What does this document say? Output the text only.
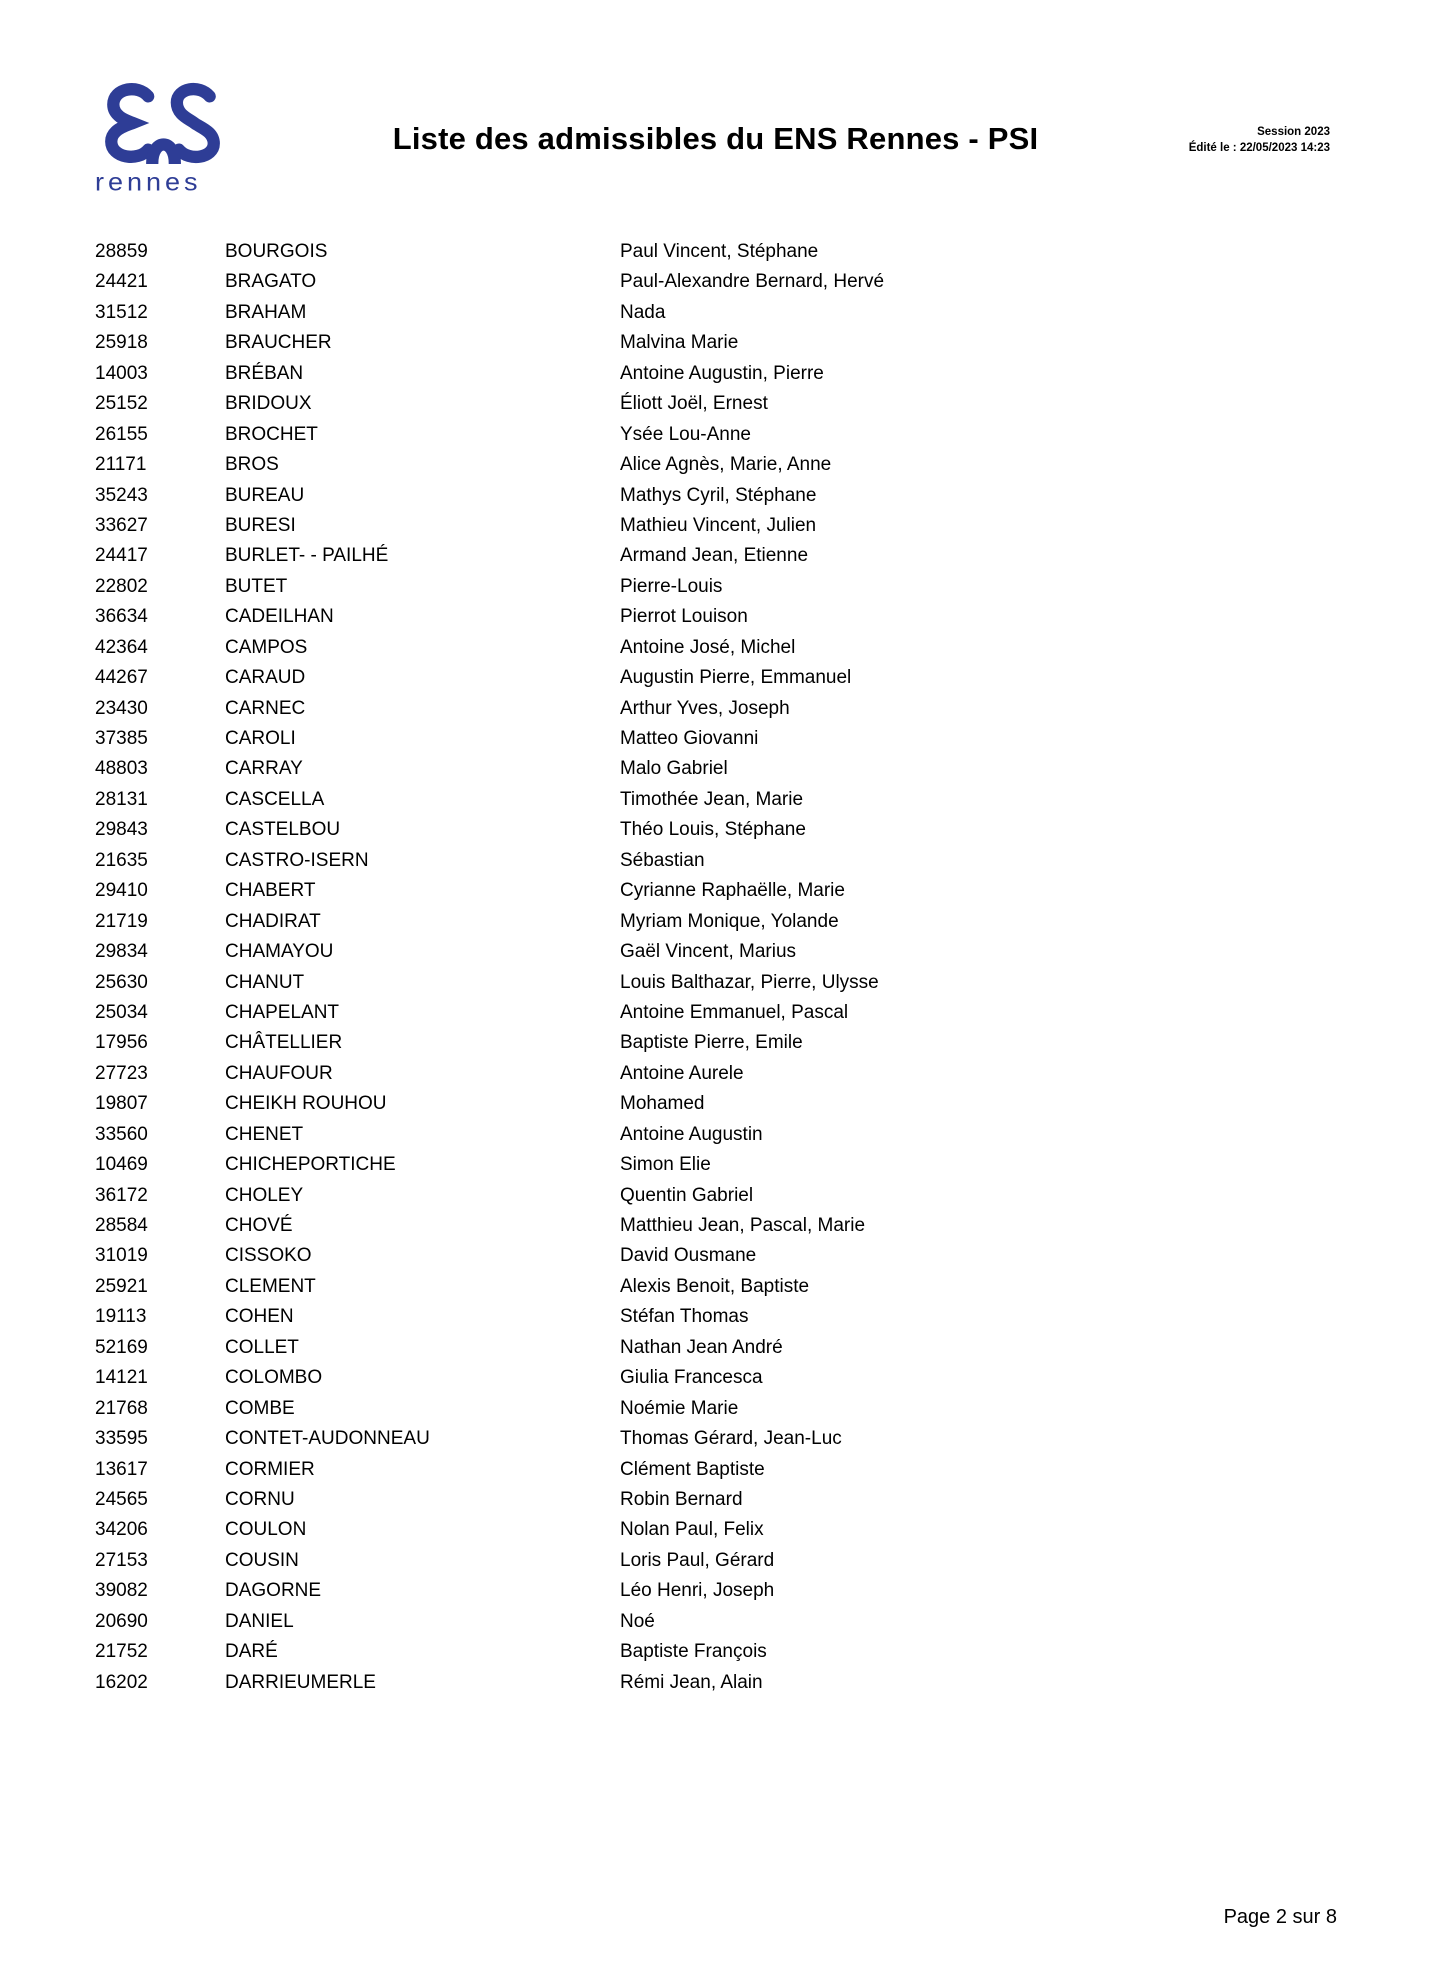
rennes
Liste des admissibles du ENS Rennes - PSI	Session 2023
Édité le : 22/05/2023 14:23
28859	BOURGOIS	Paul Vincent, Stéphane
24421	BRAGATO	Paul-Alexandre Bernard, Hervé
31512	BRAHAM	Nada
25918	BRAUCHER	Malvina Marie
14003	BRÉBAN	Antoine Augustin, Pierre
25152	BRIDOUX	Éliott Joël, Ernest
26155	BROCHET	Ysée Lou-Anne
21171	BROS	Alice Agnès, Marie, Anne
35243	BUREAU	Mathys Cyril, Stéphane
33627	BURESI	Mathieu Vincent, Julien
24417	BURLET- - PAILHÉ	Armand Jean, Etienne
22802	BUTET	Pierre-Louis
36634	CADEILHAN	Pierrot Louison
42364	CAMPOS	Antoine José, Michel
44267	CARAUD	Augustin Pierre, Emmanuel
23430	CARNEC	Arthur Yves, Joseph
37385	CAROLI	Matteo Giovanni
48803	CARRAY	Malo Gabriel
28131	CASCELLA	Timothée Jean, Marie
29843	CASTELBOU	Théo Louis, Stéphane
21635	CASTRO-ISERN	Sébastian
29410	CHABERT	Cyrianne Raphaëlle, Marie
21719	CHADIRAT	Myriam Monique, Yolande
29834	CHAMAYOU	Gaël Vincent, Marius
25630	CHANUT	Louis Balthazar, Pierre, Ulysse
25034	CHAPELANT	Antoine Emmanuel, Pascal
17956	CHÂTELLIER	Baptiste Pierre, Emile
27723	CHAUFOUR	Antoine Aurele
19807	CHEIKH ROUHOU	Mohamed
33560	CHENET	Antoine Augustin
10469	CHICHEPORTICHE	Simon Elie
36172	CHOLEY	Quentin Gabriel
28584	CHOVÉ	Matthieu Jean, Pascal, Marie
31019	CISSOKO	David Ousmane
25921	CLEMENT	Alexis Benoit, Baptiste
19113	COHEN	Stéfan Thomas
52169	COLLET	Nathan Jean André
14121	COLOMBO	Giulia Francesca
21768	COMBE	Noémie Marie
33595	CONTET-AUDONNEAU	Thomas Gérard, Jean-Luc
13617	CORMIER	Clément Baptiste
24565	CORNU	Robin Bernard
34206	COULON	Nolan Paul, Felix
27153	COUSIN	Loris Paul, Gérard
39082	DAGORNE	Léo Henri, Joseph
20690	DANIEL	Noé
21752	DARÉ	Baptiste François
16202	DARRIEUMERLE	Rémi Jean, Alain
Page 2 sur 8
